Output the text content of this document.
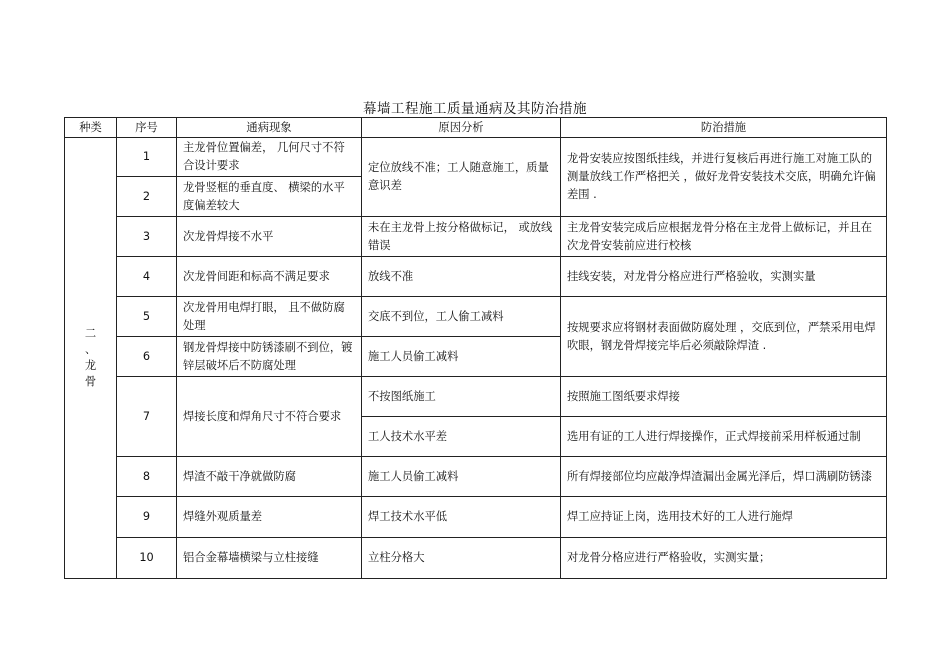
幕墙工程施工质量通病及其防治措施
种类	序号	通病现象	原因分析	防治措施

二
、
龙
骨	1	主龙骨位置偏差， 几何尺寸不符合设计要求	定位放线不准；工人随意施工，质量意识差	龙骨安装应按图纸挂线，并进行复核后再进行施工对施工队的测量放线工作严格把关 ，做好龙骨安装技术交底，明确允许偏差围 .
	2	龙骨竖框的垂直度、 横梁的水平度偏差较大		
	3	次龙骨焊接不水平	未在主龙骨上按分格做标记， 或放线错误	主龙骨安装完成后应根据龙骨分格在主龙骨上做标记，并且在次龙骨安装前应进行校核
	4	次龙骨间距和标高不满足要求	放线不准	挂线安装，对龙骨分格应进行严格验收，实测实量
	5	次龙骨用电焊打眼， 且不做防腐处理	交底不到位，工人偷工减料	按规要求应将钢材表面做防腐处理 ，交底到位，严禁采用电焊吹眼，钢龙骨焊接完毕后必须敲除焊渣 .
	6	钢龙骨焊接中防锈漆刷不到位，镀锌层破坏后不防腐处理	施工人员偷工减料	
	7	焊接长度和焊角尺寸不符合要求	不按图纸施工	按照施工图纸要求焊接
			工人技术水平差	选用有证的工人进行焊接操作，正式焊接前采用样板通过制
	8	焊渣不敲干净就做防腐	施工人员偷工减料	所有焊接部位均应敲净焊渣漏出金属光泽后，焊口满刷防锈漆
	9	焊缝外观质量差	焊工技术水平低	焊工应持证上岗，选用技术好的工人进行施焊
	10	铝合金幕墙横梁与立柱接缝	立柱分格大	对龙骨分格应进行严格验收，实测实量；
